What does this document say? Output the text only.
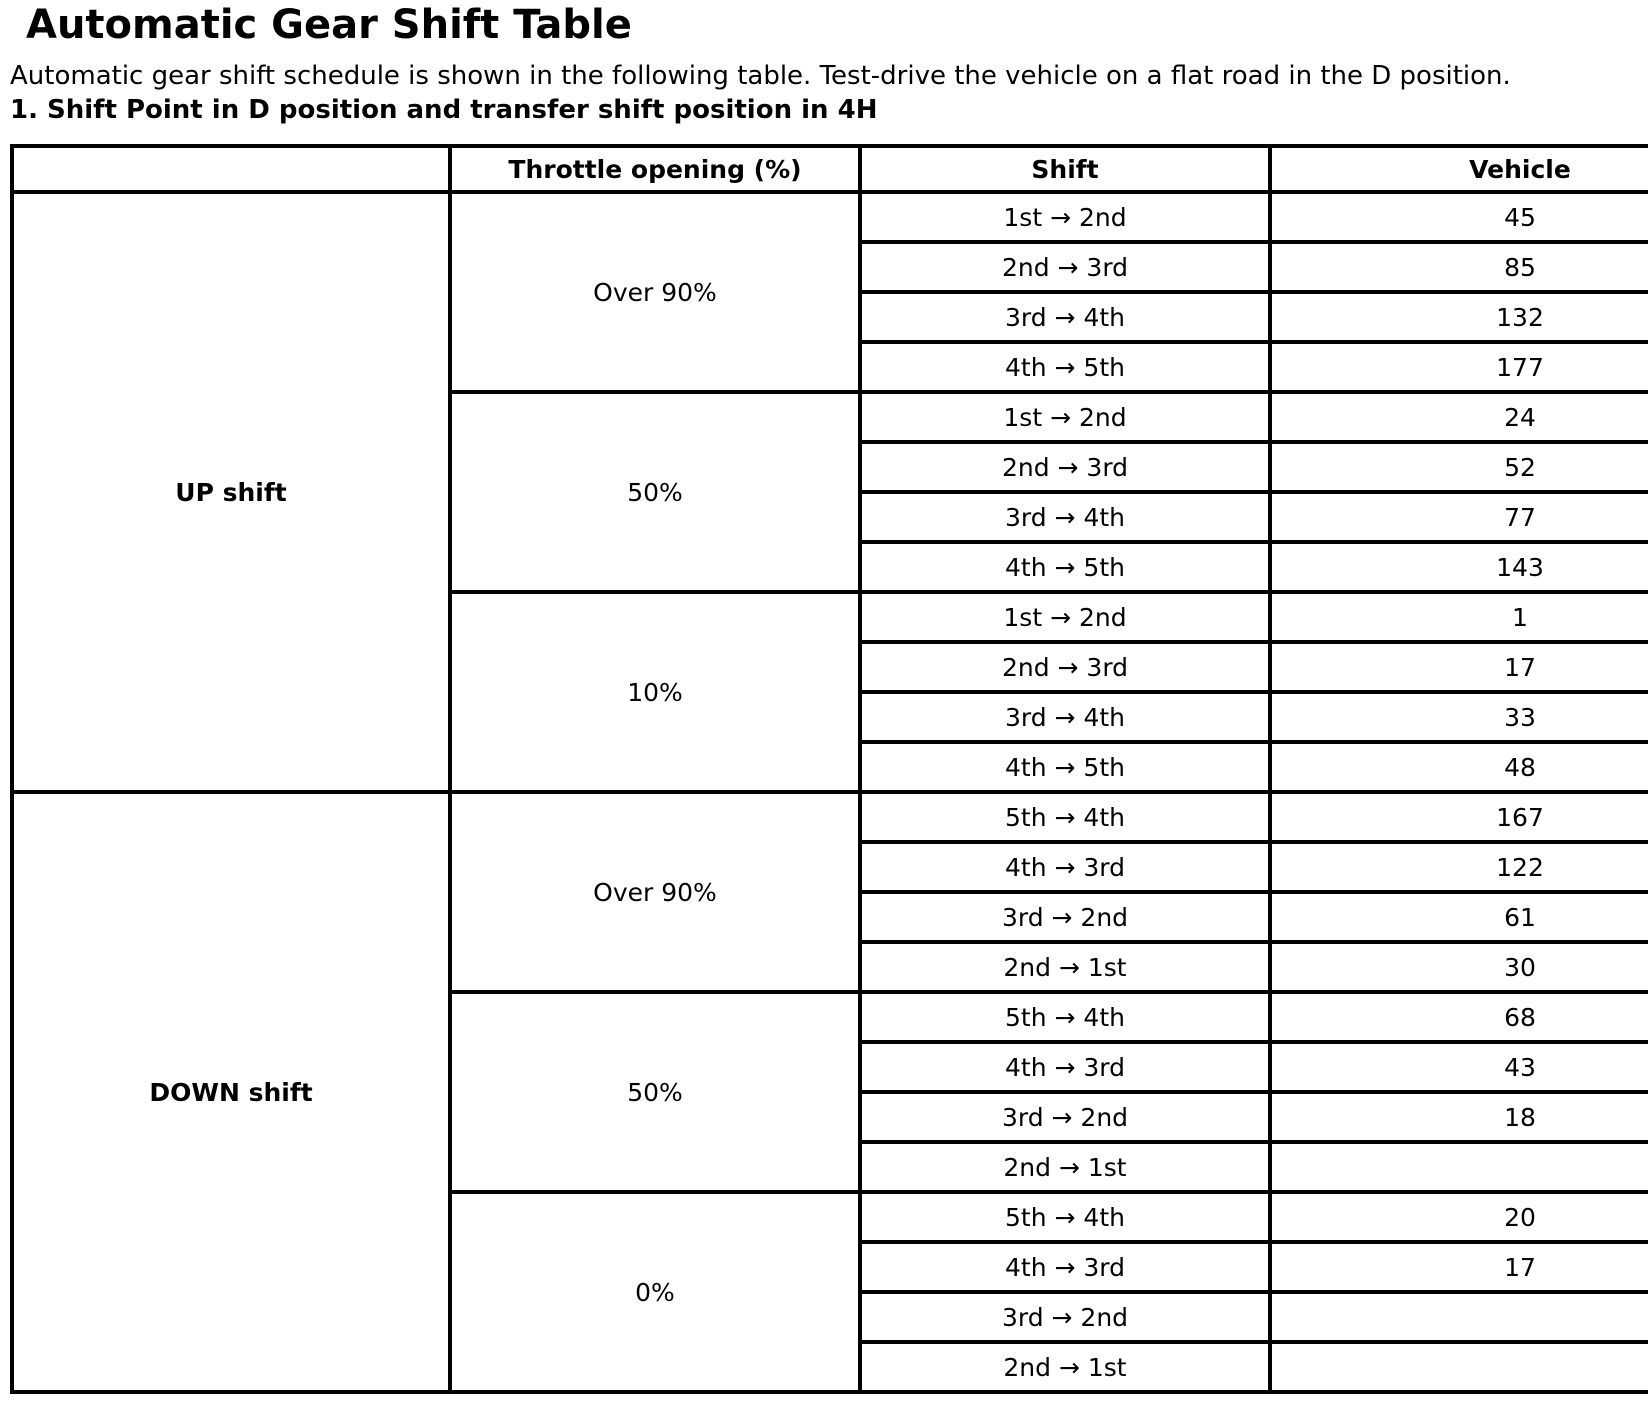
Automatic Gear Shift Table

Automatic gear shift schedule is shown in the following table. Test-drive the vehicle on a flat road in the D position.

1. Shift Point in D position and transfer shift position in 4H

	Throttle opening (%)	Shift	Vehicle
UP shift	Over 90%	1st → 2nd	45
		2nd → 3rd	85
		3rd → 4th	132
		4th → 5th	177
	50%	1st → 2nd	24
		2nd → 3rd	52
		3rd → 4th	77
		4th → 5th	143
	10%	1st → 2nd	1
		2nd → 3rd	17
		3rd → 4th	33
		4th → 5th	48
DOWN shift	Over 90%	5th → 4th	167
		4th → 3rd	122
		3rd → 2nd	61
		2nd → 1st	30
	50%	5th → 4th	68
		4th → 3rd	43
		3rd → 2nd	18
		2nd → 1st	
	0%	5th → 4th	20
		4th → 3rd	17
		3rd → 2nd	
		2nd → 1st	
